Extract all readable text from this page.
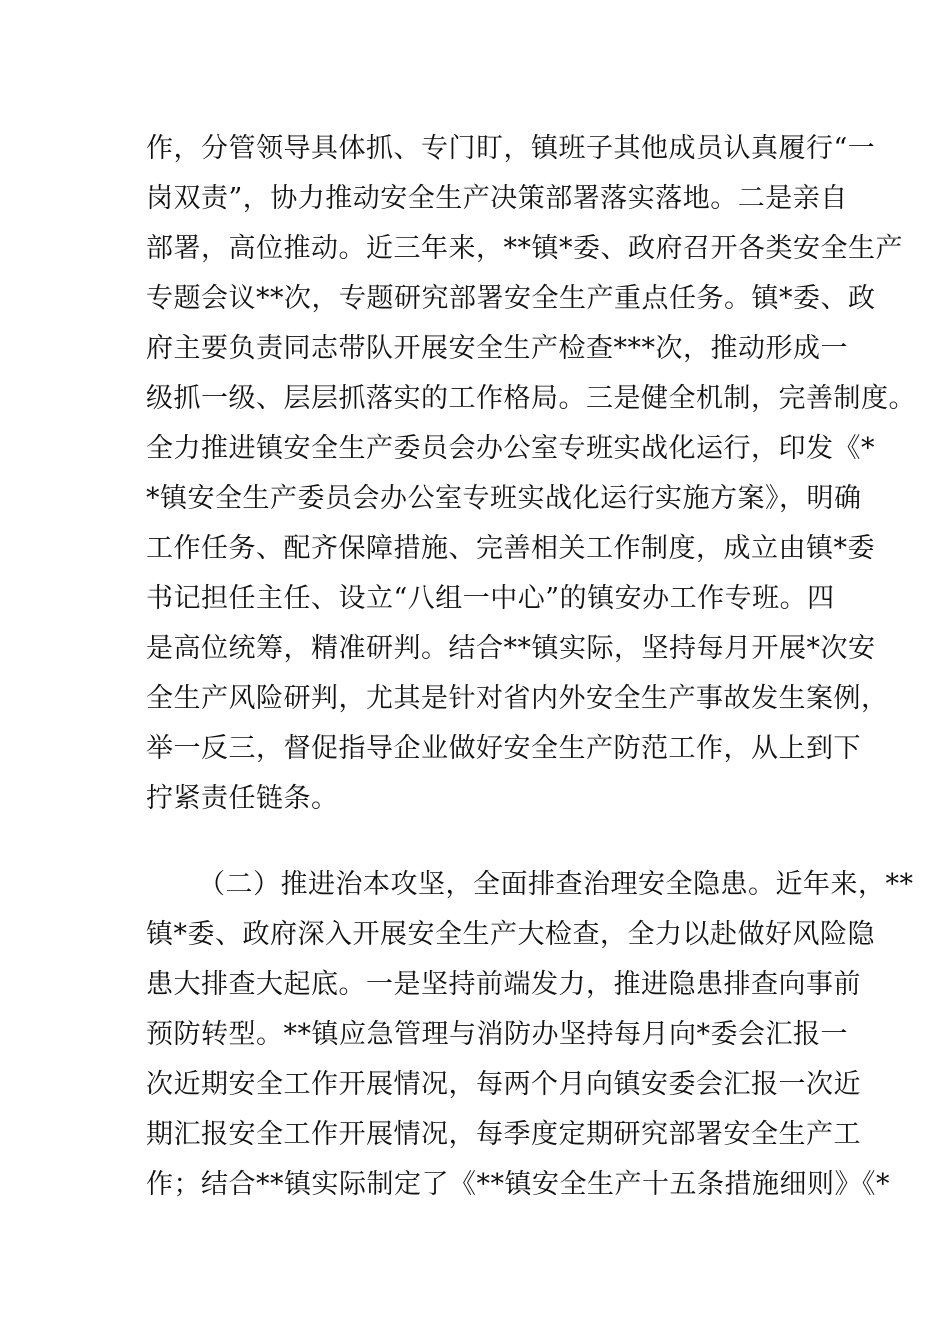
作，分管领导具体抓、专门盯，镇班子其他成员认真履行“一
岗双责”，协力推动安全生产决策部署落实落地。二是亲自
部署，高位推动。近三年来，**镇*委、政府召开各类安全生产
专题会议**次，专题研究部署安全生产重点任务。镇*委、政
府主要负责同志带队开展安全生产检查***次，推动形成一
级抓一级、层层抓落实的工作格局。三是健全机制，完善制度。
全力推进镇安全生产委员会办公室专班实战化运行，印发《*
*镇安全生产委员会办公室专班实战化运行实施方案》，明确
工作任务、配齐保障措施、完善相关工作制度，成立由镇*委
书记担任主任、设立“八组一中心”的镇安办工作专班。四
是高位统筹，精准研判。结合**镇实际，坚持每月开展*次安
全生产风险研判，尤其是针对省内外安全生产事故发生案例，
举一反三，督促指导企业做好安全生产防范工作，从上到下
拧紧责任链条。
（二）推进治本攻坚，全面排查治理安全隐患。近年来，**
镇*委、政府深入开展安全生产大检查，全力以赴做好风险隐
患大排查大起底。一是坚持前端发力，推进隐患排查向事前
预防转型。**镇应急管理与消防办坚持每月向*委会汇报一
次近期安全工作开展情况，每两个月向镇安委会汇报一次近
期汇报安全工作开展情况，每季度定期研究部署安全生产工
作；结合**镇实际制定了《**镇安全生产十五条措施细则》《*
